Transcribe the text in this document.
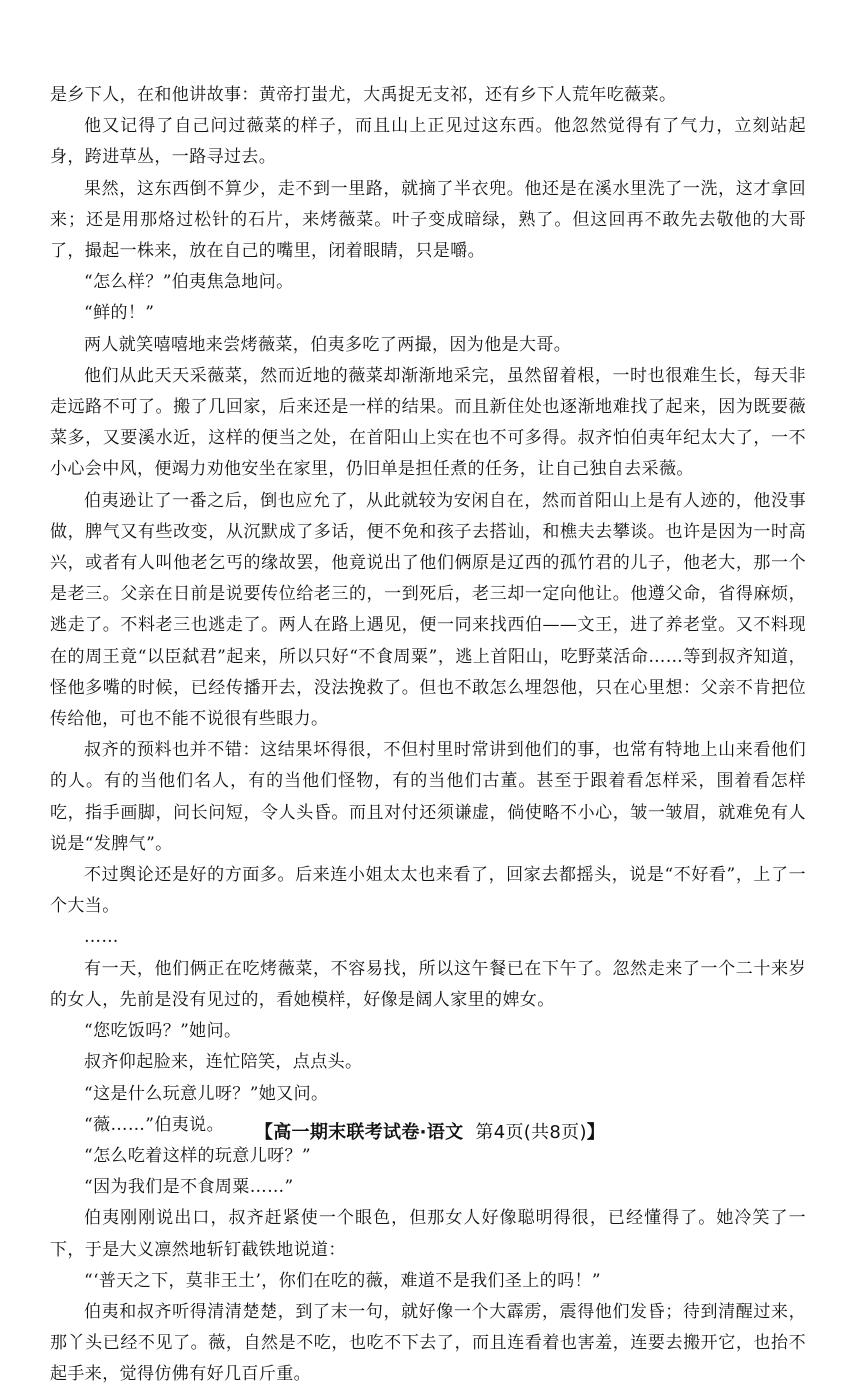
是乡下人，在和他讲故事：黄帝打蚩尤，大禹捉无支祁，还有乡下人荒年吃薇菜。

他又记得了自己问过薇菜的样子，而且山上正见过这东西。他忽然觉得有了气力，立刻站起身，跨进草丛，一路寻过去。

果然，这东西倒不算少，走不到一里路，就摘了半衣兜。他还是在溪水里洗了一洗，这才拿回来；还是用那烙过松针的石片，来烤薇菜。叶子变成暗绿，熟了。但这回再不敢先去敬他的大哥了，撮起一株来，放在自己的嘴里，闭着眼睛，只是嚼。

“怎么样？”伯夷焦急地问。

“鲜的！”

两人就笑嘻嘻地来尝烤薇菜，伯夷多吃了两撮，因为他是大哥。

他们从此天天采薇菜，然而近地的薇菜却渐渐地采完，虽然留着根，一时也很难生长，每天非走远路不可了。搬了几回家，后来还是一样的结果。而且新住处也逐渐地难找了起来，因为既要薇菜多，又要溪水近，这样的便当之处，在首阳山上实在也不可多得。叔齐怕伯夷年纪太大了，一不小心会中风，便竭力劝他安坐在家里，仍旧单是担任煮的任务，让自己独自去采薇。

伯夷逊让了一番之后，倒也应允了，从此就较为安闲自在，然而首阳山上是有人迹的，他没事做，脾气又有些改变，从沉默成了多话，便不免和孩子去搭讪，和樵夫去攀谈。也许是因为一时高兴，或者有人叫他老乞丐的缘故罢，他竟说出了他们俩原是辽西的孤竹君的儿子，他老大，那一个是老三。父亲在日前是说要传位给老三的，一到死后，老三却一定向他让。他遵父命，省得麻烦，逃走了。不料老三也逃走了。两人在路上遇见，便一同来找西伯——文王，进了养老堂。又不料现在的周王竟“以臣弑君”起来，所以只好“不食周粟”，逃上首阳山，吃野菜活命……等到叔齐知道，怪他多嘴的时候，已经传播开去，没法挽救了。但也不敢怎么埋怨他，只在心里想：父亲不肯把位传给他，可也不能不说很有些眼力。

叔齐的预料也并不错：这结果坏得很，不但村里时常讲到他们的事，也常有特地上山来看他们的人。有的当他们名人，有的当他们怪物，有的当他们古董。甚至于跟着看怎样采，围着看怎样吃，指手画脚，问长问短，令人头昏。而且对付还须谦虚，倘使略不小心，皱一皱眉，就难免有人说是“发脾气”。

不过舆论还是好的方面多。后来连小姐太太也来看了，回家去都摇头，说是“不好看”，上了一个大当。

……

有一天，他们俩正在吃烤薇菜，不容易找，所以这午餐已在下午了。忽然走来了一个二十来岁的女人，先前是没有见过的，看她模样，好像是阔人家里的婢女。

“您吃饭吗？”她问。

叔齐仰起脸来，连忙陪笑，点点头。

“这是什么玩意儿呀？”她又问。

“薇……”伯夷说。

“怎么吃着这样的玩意儿呀？”

“因为我们是不食周粟……”

伯夷刚刚说出口，叔齐赶紧使一个眼色，但那女人好像聪明得很，已经懂得了。她冷笑了一下，于是大义凛然地斩钉截铁地说道：

“‘普天之下，莫非王土’，你们在吃的薇，难道不是我们圣上的吗！”

伯夷和叔齐听得清清楚楚，到了末一句，就好像一个大霹雳，震得他们发昏；待到清醒过来，那丫头已经不见了。薇，自然是不吃，也吃不下去了，而且连看着也害羞，连要去搬开它，也抬不起手来，觉得仿佛有好几百斤重。

【高一期末联考试卷·语文 第4页(共8页)】
